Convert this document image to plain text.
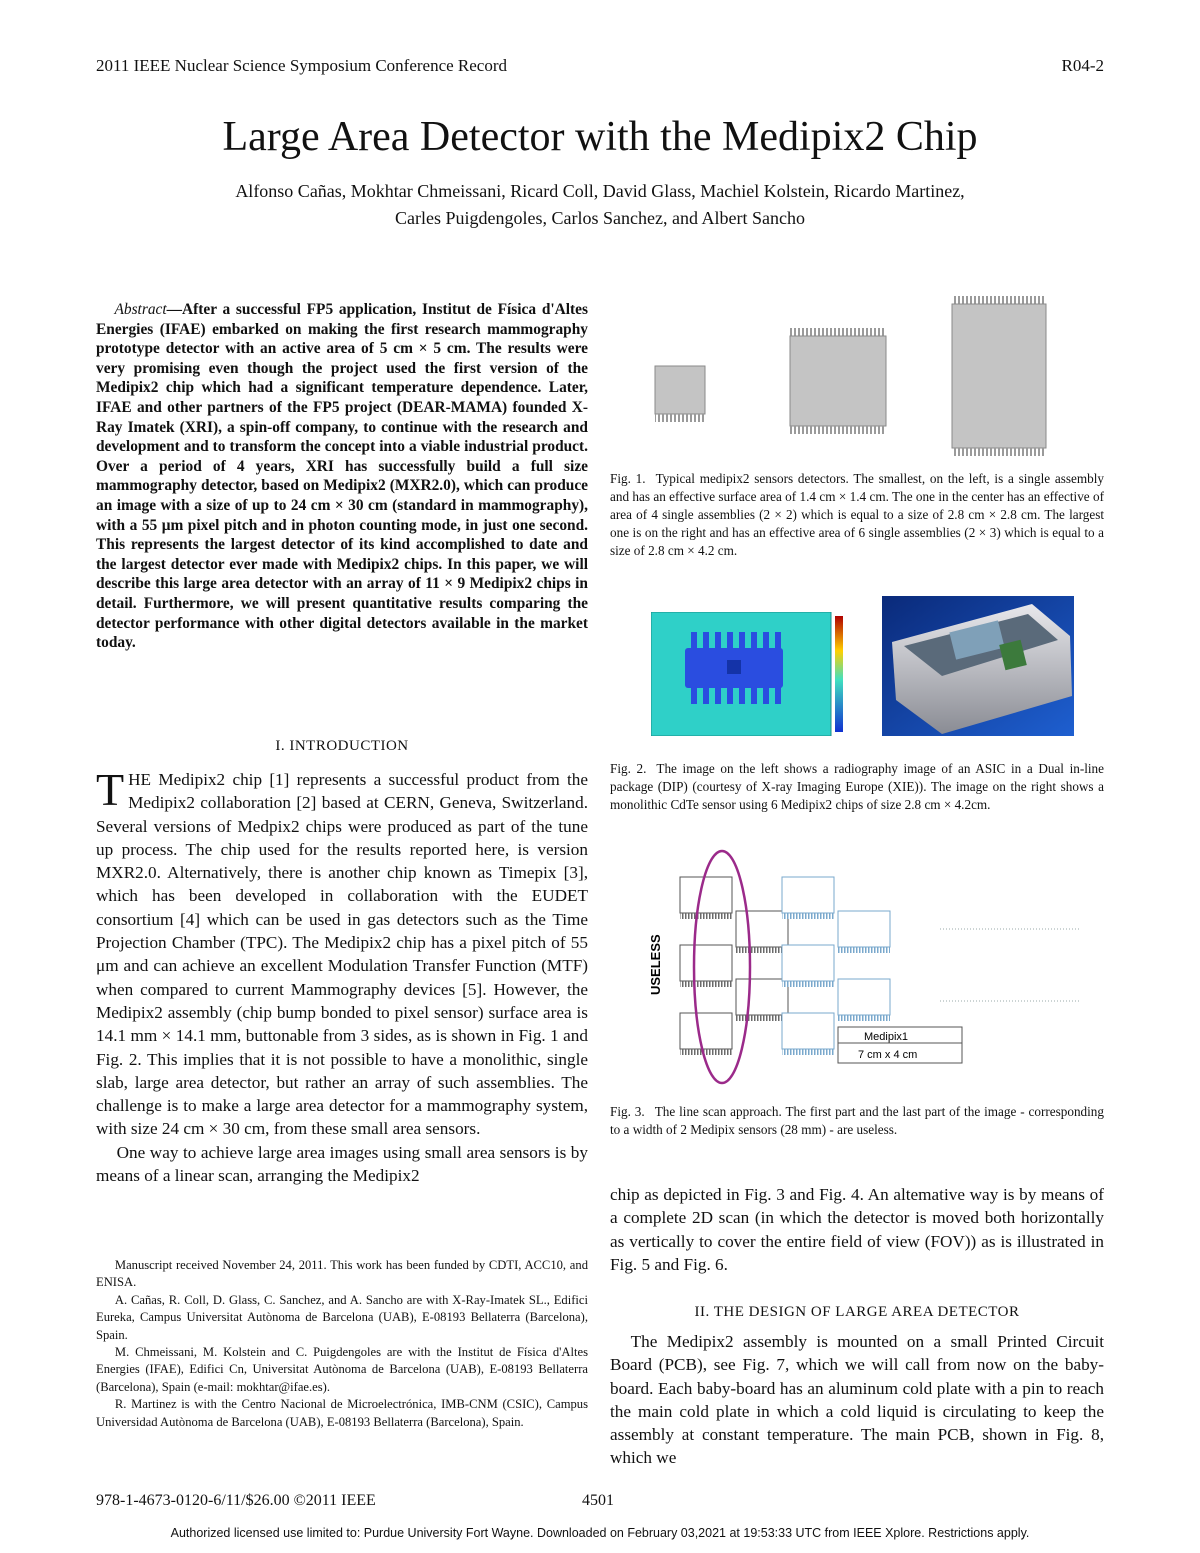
2011 IEEE Nuclear Science Symposium Conference Record	R04-2
Large Area Detector with the Medipix2 Chip
Alfonso Cañas, Mokhtar Chmeissani, Ricard Coll, David Glass, Machiel Kolstein, Ricardo Martinez,
Carles Puigdengoles, Carlos Sanchez, and Albert Sancho
Abstract—After a successful FP5 application, Institut de Física d'Altes Energies (IFAE) embarked on making the first research mammography prototype detector with an active area of 5 cm × 5 cm. The results were very promising even though the project used the first version of the Medipix2 chip which had a significant temperature dependence. Later, IFAE and other partners of the FP5 project (DEAR-MAMA) founded X-Ray Imatek (XRI), a spin-off company, to continue with the research and development and to transform the concept into a viable industrial product. Over a period of 4 years, XRI has successfully build a full size mammography detector, based on Medipix2 (MXR2.0), which can produce an image with a size of up to 24 cm × 30 cm (standard in mammography), with a 55 μm pixel pitch and in photon counting mode, in just one second. This represents the largest detector of its kind accomplished to date and the largest detector ever made with Medipix2 chips. In this paper, we will describe this large area detector with an array of 11 × 9 Medipix2 chips in detail. Furthermore, we will present quantitative results comparing the detector performance with other digital detectors available in the market today.
I. INTRODUCTION

THE Medipix2 chip [1] represents a successful product from the Medipix2 collaboration [2] based at CERN, Geneva, Switzerland. Several versions of Medpix2 chips were produced as part of the tune up process. The chip used for the results reported here, is version MXR2.0. Alternatively, there is another chip known as Timepix [3], which has been developed in collaboration with the EUDET consortium [4] which can be used in gas detectors such as the Time Projection Chamber (TPC). The Medipix2 chip has a pixel pitch of 55 μm and can achieve an excellent Modulation Transfer Function (MTF) when compared to current Mammography devices [5]. However, the Medipix2 assembly (chip bump bonded to pixel sensor) surface area is 14.1 mm × 14.1 mm, buttonable from 3 sides, as is shown in Fig. 1 and Fig. 2. This implies that it is not possible to have a monolithic, single slab, large area detector, but rather an array of such assemblies. The challenge is to make a large area detector for a mammography system, with size 24 cm × 30 cm, from these small area sensors.

One way to achieve large area images using small area sensors is by means of a linear scan, arranging the Medipix2

Manuscript received November 24, 2011. This work has been funded by CDTI, ACC10, and ENISA.

A. Cañas, R. Coll, D. Glass, C. Sanchez, and A. Sancho are with X-Ray-Imatek SL., Edifici Eureka, Campus Universitat Autònoma de Barcelona (UAB), E-08193 Bellaterra (Barcelona), Spain.

M. Chmeissani, M. Kolstein and C. Puigdengoles are with the Institut de Física d'Altes Energies (IFAE), Edifici Cn, Universitat Autònoma de Barcelona (UAB), E-08193 Bellaterra (Barcelona), Spain (e-mail: mokhtar@ifae.es).

R. Martinez is with the Centro Nacional de Microelectrónica, IMB-CNM (CSIC), Campus Universidad Autònoma de Barcelona (UAB), E-08193 Bellaterra (Barcelona), Spain.

Fig. 1. Typical medipix2 sensors detectors. The smallest, on the left, is a single assembly and has an effective surface area of 1.4 cm × 1.4 cm. The one in the center has an effective of area of 4 single assemblies (2 × 2) which is equal to a size of 2.8 cm × 2.8 cm. The largest one is on the right and has an effective area of 6 single assemblies (2 × 3) which is equal to a size of 2.8 cm × 4.2 cm.
Fig. 2. The image on the left shows a radiography image of an ASIC in a Dual in-line package (DIP) (courtesy of X-ray Imaging Europe (XIE)). The image on the right shows a monolithic CdTe sensor using 6 Medipix2 chips of size 2.8 cm × 4.2cm.
USELESS
Medipix1
7 cm x 4 cm
Fig. 3. The line scan approach. The first part and the last part of the image - corresponding to a width of 2 Medipix sensors (28 mm) - are useless.

chip as depicted in Fig. 3 and Fig. 4. An altemative way is by means of a complete 2D scan (in which the detector is moved both horizontally as vertically to cover the entire field of view (FOV)) as is illustrated in Fig. 5 and Fig. 6.

II. THE DESIGN OF LARGE AREA DETECTOR

The Medipix2 assembly is mounted on a small Printed Circuit Board (PCB), see Fig. 7, which we will call from now on the baby-board. Each baby-board has an aluminum cold plate with a pin to reach the main cold plate in which a cold liquid is circulating to keep the assembly at constant temperature. The main PCB, shown in Fig. 8, which we

978-1-4673-0120-6/11/$26.00 ©2011 IEEE	4501
Authorized licensed use limited to: Purdue University Fort Wayne. Downloaded on February 03,2021 at 19:53:33 UTC from IEEE Xplore. Restrictions apply.
